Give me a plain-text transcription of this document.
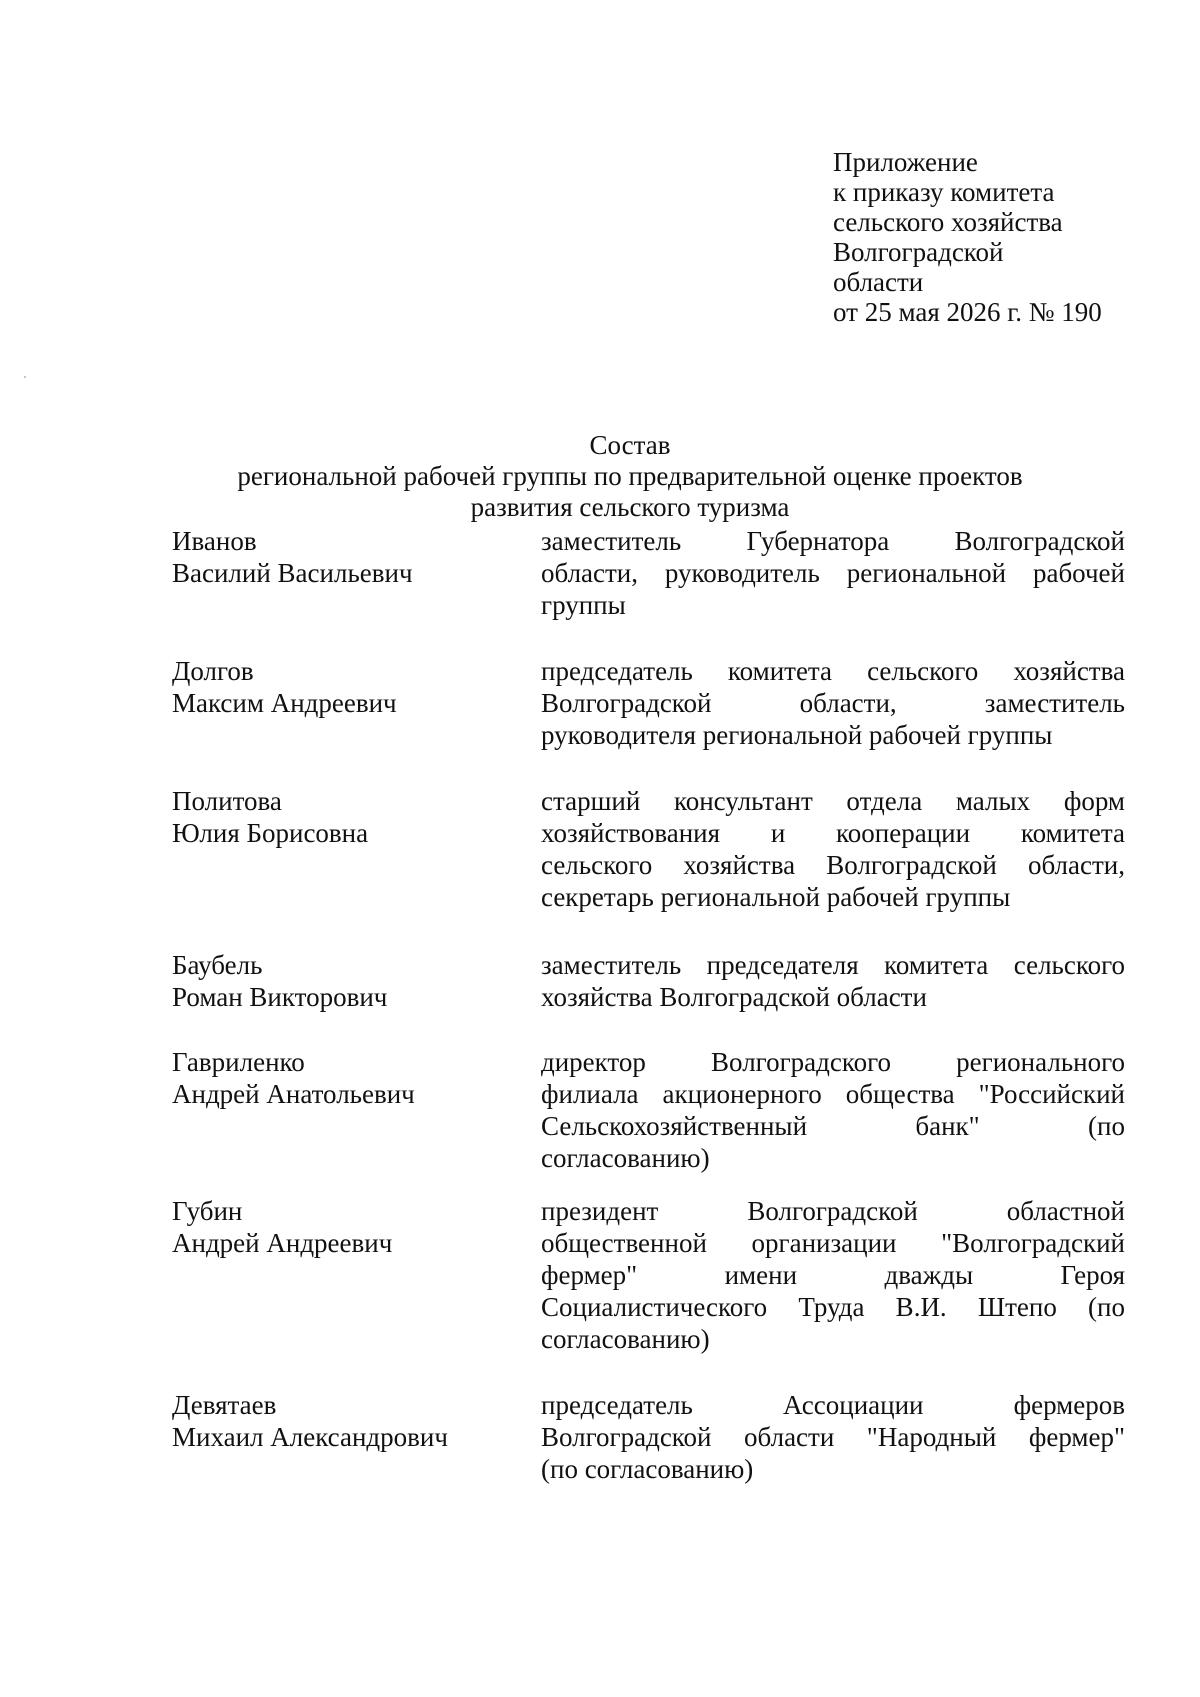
Приложение
к приказу комитета
сельского хозяйства
Волгоградской
области
от 25 мая 2026 г. № 190
Состав
региональной рабочей группы по предварительной оценке проектов
развития сельского туризма
Иванов
Василий Васильевич
заместитель Губернатора Волгоградской
области, руководитель региональной рабочей
группы
Долгов
Максим Андреевич
председатель комитета сельского хозяйства
Волгоградской области, заместитель
руководителя региональной рабочей группы
Политова
Юлия Борисовна
старший консультант отдела малых форм
хозяйствования и кооперации комитета
сельского хозяйства Волгоградской области,
секретарь региональной рабочей группы
Баубель
Роман Викторович
заместитель председателя комитета сельского
хозяйства Волгоградской области
Гавриленко
Андрей Анатольевич
директор Волгоградского регионального
филиала акционерного общества "Российский
Сельскохозяйственный банк" (по
согласованию)
Губин
Андрей Андреевич
президент Волгоградской областной
общественной организации "Волгоградский
фермер" имени дважды Героя
Социалистического Труда В.И. Штепо (по
согласованию)
Девятаев
Михаил Александрович
председатель Ассоциации фермеров
Волгоградской области "Народный фермер"
(по согласованию)
